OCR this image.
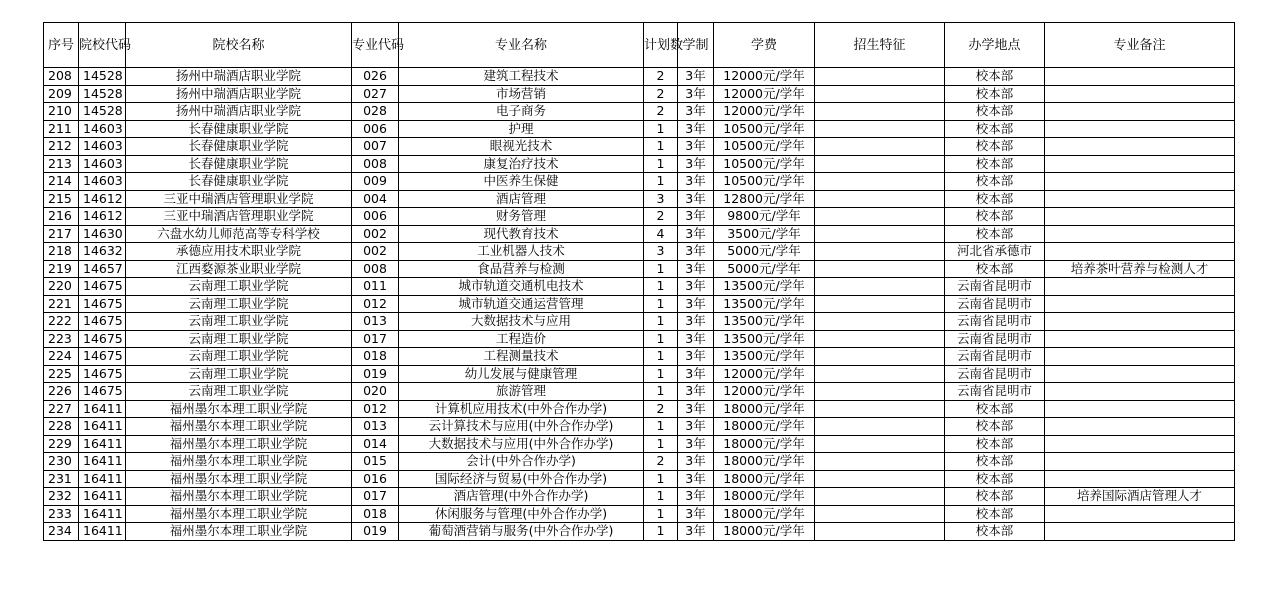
序号	院校代码	院校名称	专业代码	专业名称	计划数	学制	学费	招生特征	办学地点	专业备注
208	14528	扬州中瑞酒店职业学院	026	建筑工程技术	2	3年	12000元/学年		校本部	
209	14528	扬州中瑞酒店职业学院	027	市场营销	2	3年	12000元/学年		校本部	
210	14528	扬州中瑞酒店职业学院	028	电子商务	2	3年	12000元/学年		校本部	
211	14603	长春健康职业学院	006	护理	1	3年	10500元/学年		校本部	
212	14603	长春健康职业学院	007	眼视光技术	1	3年	10500元/学年		校本部	
213	14603	长春健康职业学院	008	康复治疗技术	1	3年	10500元/学年		校本部	
214	14603	长春健康职业学院	009	中医养生保健	1	3年	10500元/学年		校本部	
215	14612	三亚中瑞酒店管理职业学院	004	酒店管理	3	3年	12800元/学年		校本部	
216	14612	三亚中瑞酒店管理职业学院	006	财务管理	2	3年	9800元/学年		校本部	
217	14630	六盘水幼儿师范高等专科学校	002	现代教育技术	4	3年	3500元/学年		校本部	
218	14632	承德应用技术职业学院	002	工业机器人技术	3	3年	5000元/学年		河北省承德市	
219	14657	江西婺源茶业职业学院	008	食品营养与检测	1	3年	5000元/学年		校本部	培养茶叶营养与检测人才
220	14675	云南理工职业学院	011	城市轨道交通机电技术	1	3年	13500元/学年		云南省昆明市	
221	14675	云南理工职业学院	012	城市轨道交通运营管理	1	3年	13500元/学年		云南省昆明市	
222	14675	云南理工职业学院	013	大数据技术与应用	1	3年	13500元/学年		云南省昆明市	
223	14675	云南理工职业学院	017	工程造价	1	3年	13500元/学年		云南省昆明市	
224	14675	云南理工职业学院	018	工程测量技术	1	3年	13500元/学年		云南省昆明市	
225	14675	云南理工职业学院	019	幼儿发展与健康管理	1	3年	12000元/学年		云南省昆明市	
226	14675	云南理工职业学院	020	旅游管理	1	3年	12000元/学年		云南省昆明市	
227	16411	福州墨尔本理工职业学院	012	计算机应用技术(中外合作办学)	2	3年	18000元/学年		校本部	
228	16411	福州墨尔本理工职业学院	013	云计算技术与应用(中外合作办学)	1	3年	18000元/学年		校本部	
229	16411	福州墨尔本理工职业学院	014	大数据技术与应用(中外合作办学)	1	3年	18000元/学年		校本部	
230	16411	福州墨尔本理工职业学院	015	会计(中外合作办学)	2	3年	18000元/学年		校本部	
231	16411	福州墨尔本理工职业学院	016	国际经济与贸易(中外合作办学)	1	3年	18000元/学年		校本部	
232	16411	福州墨尔本理工职业学院	017	酒店管理(中外合作办学)	1	3年	18000元/学年		校本部	培养国际酒店管理人才
233	16411	福州墨尔本理工职业学院	018	休闲服务与管理(中外合作办学)	1	3年	18000元/学年		校本部	
234	16411	福州墨尔本理工职业学院	019	葡萄酒营销与服务(中外合作办学)	1	3年	18000元/学年		校本部	
